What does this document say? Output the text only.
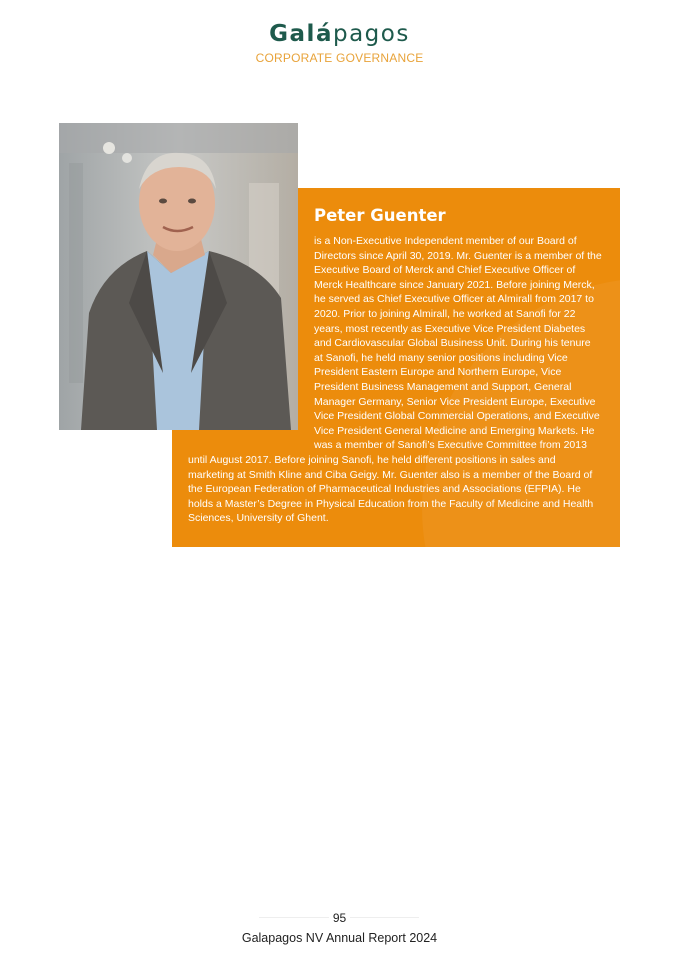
Galápagos
CORPORATE GOVERNANCE
Peter Guenter

is a Non-Executive Independent member of our Board of Directors since April 30, 2019. Mr. Guenter is a member of the Executive Board of Merck and Chief Executive Officer of Merck Healthcare since January 2021. Before joining Merck, he served as Chief Executive Officer at Almirall from 2017 to 2020. Prior to joining Almirall, he worked at Sanofi for 22 years, most recently as Executive Vice President Diabetes and Cardiovascular Global Business Unit. During his tenure at Sanofi, he held many senior positions including Vice President Eastern Europe and Northern Europe, Vice President Business Management and Support, General Manager Germany, Senior Vice President Europe, Executive Vice President Global Commercial Operations, and Executive Vice President General Medicine and Emerging Markets. He was a member of Sanofi’s Executive Committee from 2013 until August 2017. Before joining Sanofi, he held different positions in sales and marketing at Smith Kline and Ciba Geigy. Mr. Guenter also is a member of the Board of the European Federation of Pharmaceutical Industries and Associations (EFPIA). He holds a Master’s Degree in Physical Education from the Faculty of Medicine and Health Sciences, University of Ghent.

95
Galapagos NV Annual Report 2024
